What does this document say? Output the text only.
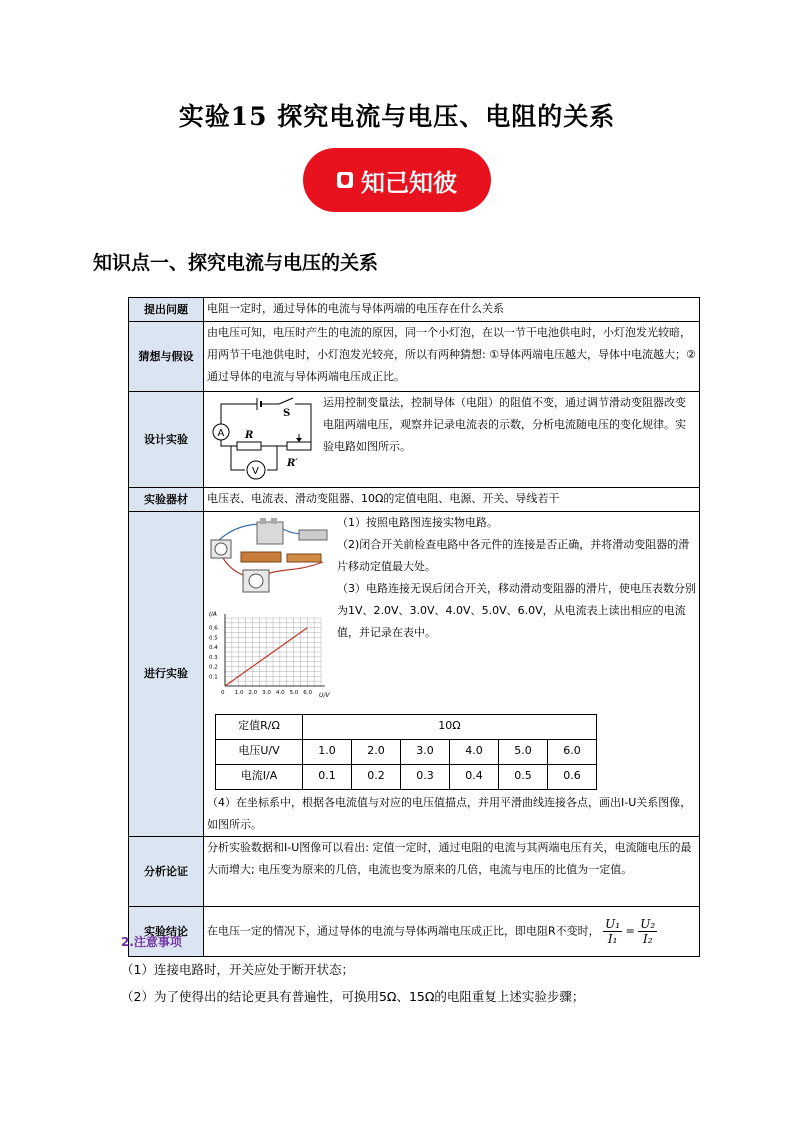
实验15 探究电流与电压、电阻的关系
知己知彼
知识点一、探究电流与电压的关系
提出问题	电阻一定时，通过导体的电流与导体两端的电压存在什么关系
猜想与假设	由电压可知，电压时产生的电流的原因，同一个小灯泡，在以一节干电池供电时，小灯泡发光较暗，用两节干电池供电时，小灯泡发光较亮，所以有两种猜想: ①导体两端电压越大，导体中电流越大；②通过导体的电流与导体两端电压成正比。
设计实验	A
V
S
R
R′
运用控制变量法，控制导体（电阻）的阻值不变，通过调节滑动变阻器改变电阻两端电压，观察并记录电流表的示数，分析电流随电压的变化规律。实验电路如图所示。

实验器材	电压表、电流表、滑动变阻器、10Ω的定值电阻、电源、开关、导线若干
进行实验	

0 1.0 2.0 3.0 4.0 5.0 6.0
0.1
0.2
0.3
0.4
0.5
0.6
I/A
U/V

（1）按照电路图连接实物电路。

（2)闭合开关前检查电路中各元件的连接是否正确，并将滑动变阻器的滑片移动定值最大处。

（3）电路连接无误后闭合开关，移动滑动变阻器的滑片，使电压表数分别为1V、2.0V、3.0V、4.0V、5.0V、6.0V，从电流表上读出相应的电流值，并记录在表中。

定值R/Ω	10Ω
电压U/V	1.0	2.0	3.0	4.0	5.0	6.0
电流I/A	0.1	0.2	0.3	0.4	0.5	0.6
（4）在坐标系中，根据各电流值与对应的电压值描点，并用平滑曲线连接各点，画出I-U关系图像，如图所示。

分析论证	分析实验数据和I-U图像可以看出: 定值一定时，通过电阻的电流与其两端电压有关，电流随电压的最大而增大; 电压变为原来的几倍，电流也变为原来的几倍，电流与电压的比值为一定值。
实验结论	在电压一定的情况下，通过导体的电流与导体两端电压成正比，即电阻R不变时， $\frac{\text{U₁}}{\text{I₁}} = \frac{\text{U₂}}{\text{I₂}}$
2.注意事项
（1）连接电路时，开关应处于断开状态；
（2）为了使得出的结论更具有普遍性，可换用5Ω、15Ω的电阻重复上述实验步骤；
